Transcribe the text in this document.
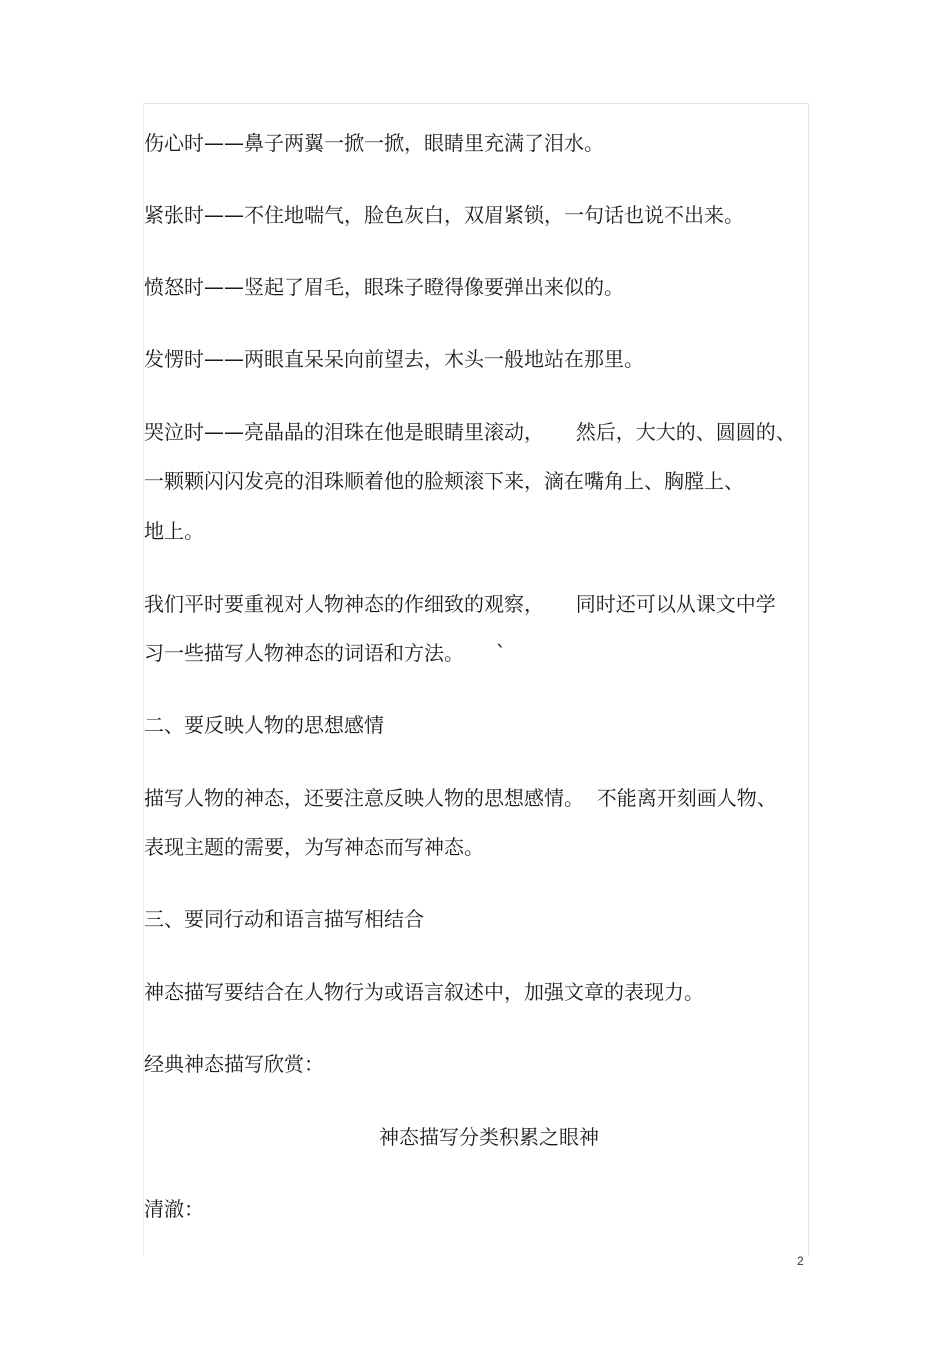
伤心时——鼻子两翼一掀一掀，眼睛里充满了泪水。
紧张时——不住地喘气，脸色灰白，双眉紧锁，一句话也说不出来。
愤怒时——竖起了眉毛，眼珠子瞪得像要弹出来似的。
发愣时——两眼直呆呆向前望去，木头一般地站在那里。
哭泣时——亮晶晶的泪珠在他是眼睛里滚动，     然后，大大的、圆圆的、
一颗颗闪闪发亮的泪珠顺着他的脸颊滚下来，滴在嘴角上、胸膛上、
地上。
我们平时要重视对人物神态的作细致的观察，     同时还可以从课文中学
习一些描写人物神态的词语和方法。     `
二、要反映人物的思想感情
描写人物的神态，还要注意反映人物的思想感情。  不能离开刻画人物、
表现主题的需要，为写神态而写神态。
三、要同行动和语言描写相结合
神态描写要结合在人物行为或语言叙述中，加强文章的表现力。
经典神态描写欣赏：
神态描写分类积累之眼神
清澈：
2
